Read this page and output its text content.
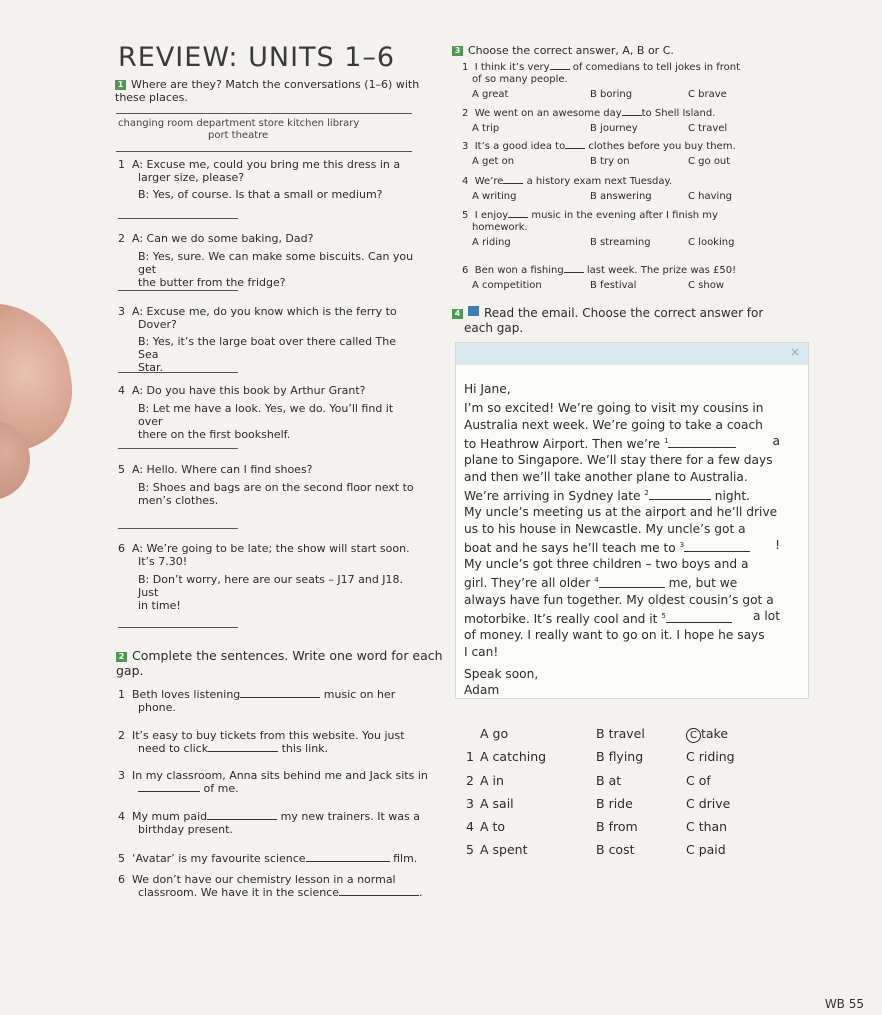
REVIEW: UNITS 1–6
1 Where are they? Match the conversations (1–6) with
these places.
changing room department store kitchen library
port theatre
1 A: Excuse me, could you bring me this dress in a
larger size, please?
B: Yes, of course. Is that a small or medium?
2 A: Can we do some baking, Dad?
B: Yes, sure. We can make some biscuits. Can you get
the butter from the fridge?
3 A: Excuse me, do you know which is the ferry to
Dover?
B: Yes, it’s the large boat over there called The Sea
Star.
4 A: Do you have this book by Arthur Grant?
B: Let me have a look. Yes, we do. You’ll find it over
there on the first bookshelf.
5 A: Hello. Where can I find shoes?
B: Shoes and bags are on the second floor next to
men’s clothes.
6 A: We’re going to be late; the show will start soon.
It’s 7.30!
B: Don’t worry, here are our seats – J17 and J18. Just
in time!
2 Complete the sentences. Write one word for each
gap.
1 Beth loves listening	music on her
phone.
2 It’s easy to buy tickets from this website. You just
need to click	this link.
3 In my classroom, Anna sits behind me and Jack sits in
of me.
4 My mum paid	my new trainers. It was a
birthday present.
5 ‘Avatar’ is my favourite science	film.
6 We don’t have our chemistry lesson in a normal
classroom. We have it in the science	.
3 Choose the correct answer, A, B or C.
1 I think it’s very of comedians to tell jokes in front
of so many people.
A great	B boring	C brave
2 We went on an awesome day to Shell Island.
A trip	B journey	C travel
3 It’s a good idea to clothes before you buy them.
A get on	B try on	C go out
4 We’re a history exam next Tuesday.
A writing	B answering	C having
5 I enjoy music in the evening after I finish my
homework.
A riding	B streaming	C looking
6 Ben won a fishing last week. The prize was £50!
A competition	B festival	C show
4 Read the email. Choose the correct answer for
each gap.
×
Hi Jane,
I’m so excited! We’re going to visit my cousins in
Australia next week. We’re going to take a coach
to Heathrow Airport. Then we’re $^1$	a
plane to Singapore. We’ll stay there for a few days
and then we’ll take another plane to Australia.
We’re arriving in Sydney late $^2$	night.
My uncle’s meeting us at the airport and he’ll drive
us to his house in Newcastle. My uncle’s got a
boat and he says he’ll teach me to $^3$	!
My uncle’s got three children – two boys and a
girl. They’re all older $^4$	me, but we
always have fun together. My oldest cousin’s got a
motorbike. It’s really cool and it $^5$	a lot
of money. I really want to go on it. I hope he says
I can!
Speak soon,
Adam
A go	B travel	C take
1 A catching	B flying	C riding
2 A in	B at	C of
3 A sail	B ride	C drive
4 A to	B from	C than
5 A spent	B cost	C paid
WB 55
